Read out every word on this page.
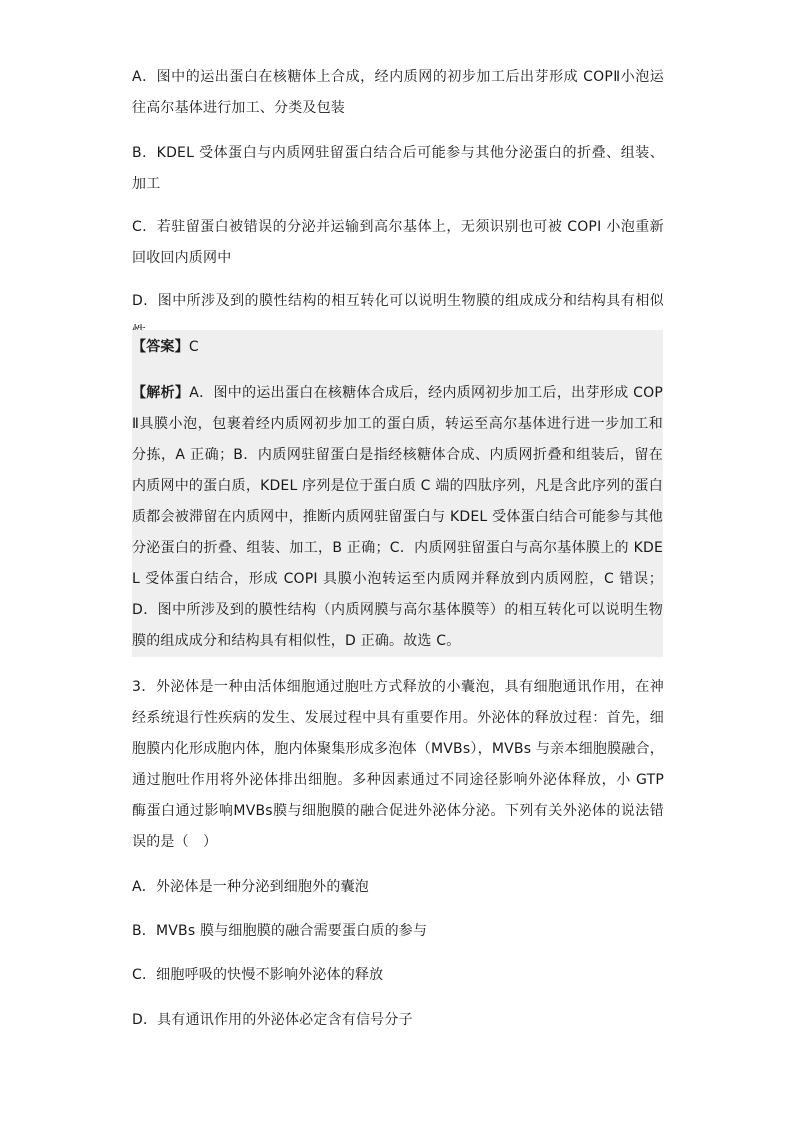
A．图中的运出蛋白在核糖体上合成，经内质网的初步加工后出芽形成 COPⅡ小泡运往高尔基体进行加工、分类及包装
B．KDEL 受体蛋白与内质网驻留蛋白结合后可能参与其他分泌蛋白的折叠、组装、加工
C．若驻留蛋白被错误的分泌并运输到高尔基体上，无须识别也可被 COPI 小泡重新回收回内质网中
D．图中所涉及到的膜性结构的相互转化可以说明生物膜的组成成分和结构具有相似
【答案】C
【解析】A．图中的运出蛋白在核糖体合成后，经内质网初步加工后，出芽形成 COPⅡ具膜小泡，包裹着经内质网初步加工的蛋白质，转运至高尔基体进行进一步加工和分拣，A 正确；B．内质网驻留蛋白是指经核糖体合成、内质网折叠和组装后，留在内质网中的蛋白质，KDEL 序列是位于蛋白质 C 端的四肽序列，凡是含此序列的蛋白质都会被滞留在内质网中，推断内质网驻留蛋白与 KDEL 受体蛋白结合可能参与其他分泌蛋白的折叠、组装、加工，B 正确；C．内质网驻留蛋白与高尔基体膜上的 KDEL 受体蛋白结合，形成 COPI 具膜小泡转运至内质网并释放到内质网腔，C 错误；D．图中所涉及到的膜性结构（内质网膜与高尔基体膜等）的相互转化可以说明生物膜的组成成分和结构具有相似性，D 正确。故选 C。
3．外泌体是一种由活体细胞通过胞吐方式释放的小囊泡，具有细胞通讯作用，在神经系统退行性疾病的发生、发展过程中具有重要作用。外泌体的释放过程：首先，细胞膜内化形成胞内体，胞内体聚集形成多泡体（MVBs），MVBs 与亲本细胞膜融合，通过胞吐作用将外泌体排出细胞。多种因素通过不同途径影响外泌体释放，小 GTP 酶蛋白通过影响MVBs膜与细胞膜的融合促进外泌体分泌。下列有关外泌体的说法错误的是（　）
A．外泌体是一种分泌到细胞外的囊泡
B．MVBs 膜与细胞膜的融合需要蛋白质的参与
C．细胞呼吸的快慢不影响外泌体的释放
D．具有通讯作用的外泌体必定含有信号分子
